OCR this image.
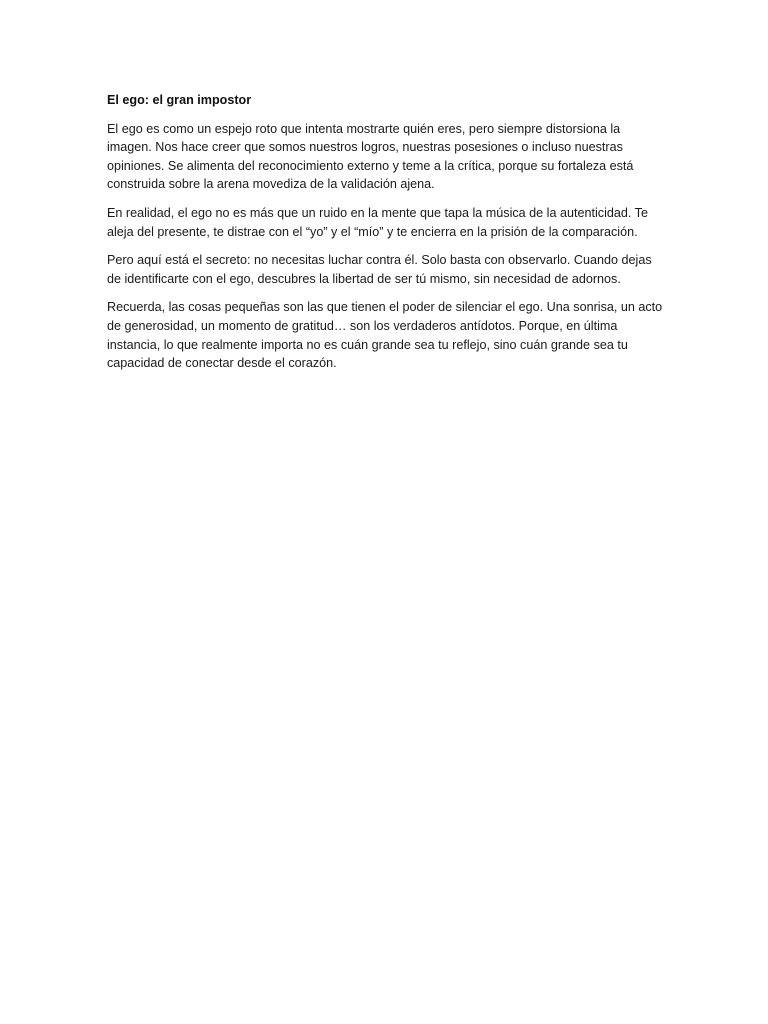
El ego: el gran impostor

El ego es como un espejo roto que intenta mostrarte quién eres, pero siempre distorsiona la imagen. Nos hace creer que somos nuestros logros, nuestras posesiones o incluso nuestras opiniones. Se alimenta del reconocimiento externo y teme a la crítica, porque su fortaleza está construida sobre la arena movediza de la validación ajena.

En realidad, el ego no es más que un ruido en la mente que tapa la música de la autenticidad. Te aleja del presente, te distrae con el “yo” y el “mío” y te encierra en la prisión de la comparación.

Pero aquí está el secreto: no necesitas luchar contra él. Solo basta con observarlo. Cuando dejas de identificarte con el ego, descubres la libertad de ser tú mismo, sin necesidad de adornos.

Recuerda, las cosas pequeñas son las que tienen el poder de silenciar el ego. Una sonrisa, un acto de generosidad, un momento de gratitud… son los verdaderos antídotos. Porque, en última instancia, lo que realmente importa no es cuán grande sea tu reflejo, sino cuán grande sea tu capacidad de conectar desde el corazón.
